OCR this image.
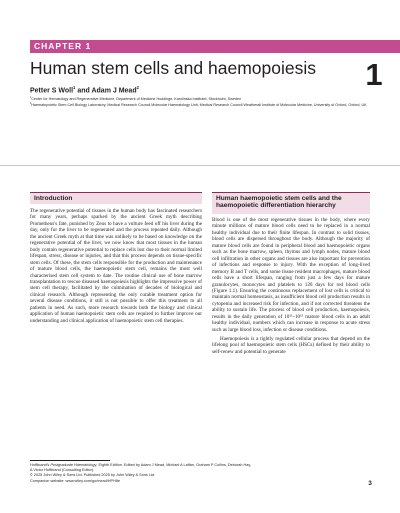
CHAPTER 1
Human stem cells and haemopoiesis	1
Petter S Woll$^1$ and Adam J Mead$^2$
$^1$Center for Hematology and Regenerative Medicine, Department of Medicine Huddinge, Karolinska Institutet, Stockholm, Sweden
$^2$Haematopoietic Stem Cell Biology Laboratory, Medical Research Council Molecular Haematology Unit, Medical Research Council Weatherall Institute of Molecular Medicine, University of Oxford, Oxford, UK
Introduction

The regenerative potential of tissues in the human body has fascinated researchers for many years, perhaps sparked by the ancient Greek myth describing Prometheus's fate, punished by Zeus to have a vulture feed off his liver during the day, only for the liver to be regenerated and the process repeated daily. Although the ancient Greek myth at that time was unlikely to be based on knowledge on the regenerative potential of the liver, we now know that most tissues in the human body contain regenerative potential to replace cells lost due to their normal limited lifespan, stress, disease or injuries, and that this process depends on tissue-specific stem cells. Of these, the stem cells responsible for the production and maintenance of mature blood cells, the haemopoietic stem cell, remains the most well characterised stem cell system to date. The routine clinical use of bone marrow transplantation to rescue diseased haemopoiesis highlights the impressive power of stem cell therapy, facilitated by the culmination of decades of biological and clinical research. Although representing the only curable treatment option for several disease conditions, it still is not possible to offer this treatment to all patients in need. As such, more research towards both the biology and clinical application of human haemopoietic stem cells are required to further improve our understanding and clinical application of haemopoietic stem cell therapies.

Human haemopoietic stem cells and the haemopoietic differentiation hierarchy

Blood is one of the most regenerative tissues in the body, where every minute millions of mature blood cells need to be replaced in a normal healthy individual due to their finite lifespan. In contrast to solid tissues, blood cells are dispersed throughout the body. Although the majority of mature blood cells are found in peripheral blood and haemopoietic organs such as the bone marrow, spleen, thymus and lymph nodes, mature blood cell infiltration in other organs and tissues are also important for prevention of infections and response to injury. With the exception of long-lived memory B and T cells, and some tissue resident macrophages, mature blood cells have a short lifespan, ranging from just a few days for mature granulocytes, monocytes and platelets to 120 days for red blood cells (Figure 1.1). Ensuring the continuous replacement of lost cells is critical to maintain normal homeostasis, as insufficient blood cell production results in cytopenia and increased risk for infection, and if not corrected threatens the ability to sustain life. The process of blood cell production, haemopoiesis, results in the daily generation of 10¹¹–10¹² mature blood cells in an adult healthy individual, numbers which can increase in response to acute stress such as large blood loss, infection or disease conditions.

Haemopoiesis is a tightly regulated cellular process that depend on the lifelong pool of haemopoietic stem cells (HSCs) defined by their ability to self-renew and potential to generate

Hoffbrand's Postgraduate Haematology, Eighth Edition. Edited by Adam J Mead, Michael A Laffan, Graham P Collins, Deborah Hay,
A Victor Hoffbrand (Consulting Editor).
© 2025 John Wiley & Sons Ltd. Published 2025 by John Wiley & Sons Ltd.
Companion website: www.wiley.com/go/mead/HPH8e	3
